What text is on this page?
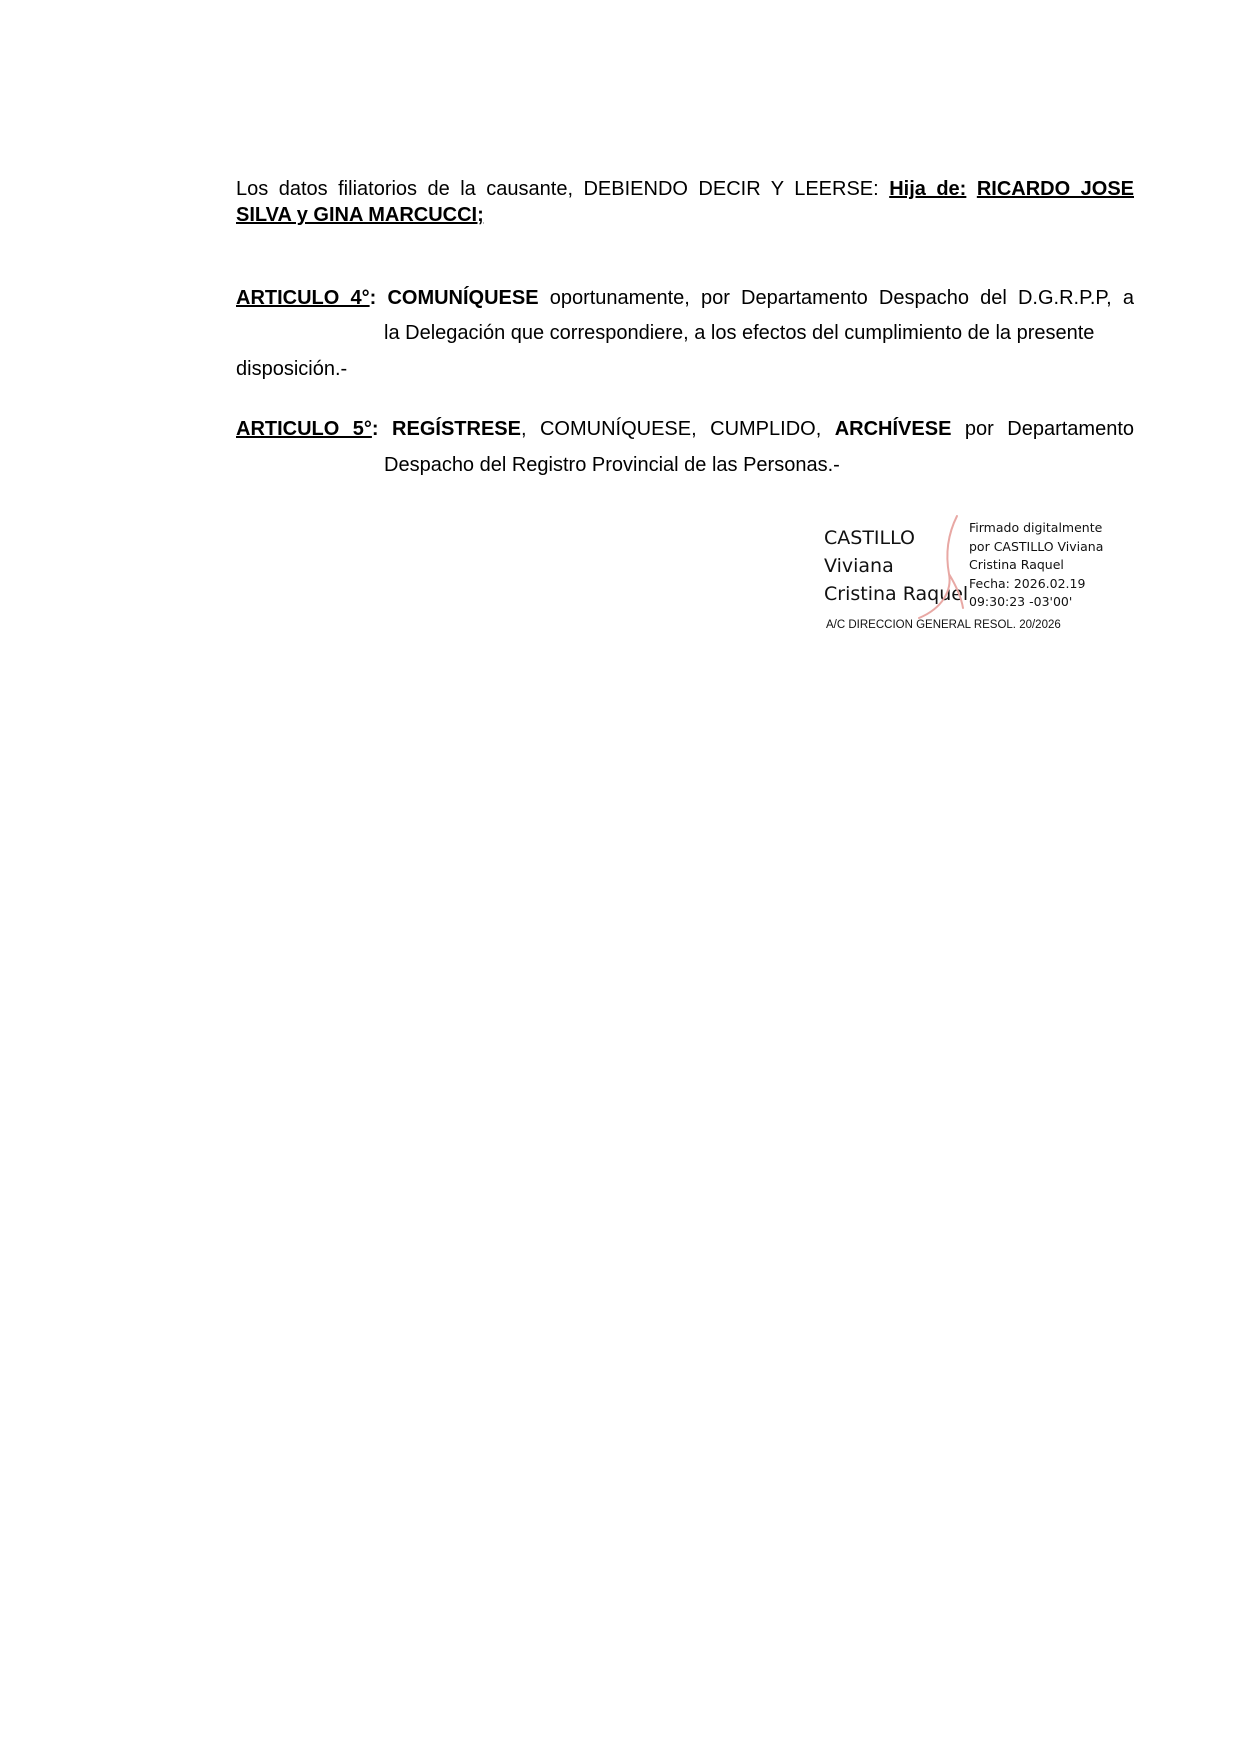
Los datos filiatorios de la causante, DEBIENDO DECIR Y LEERSE: Hija de: RICARDO JOSE
SILVA y GINA MARCUCCI;
ARTICULO 4°: COMUNÍQUESE oportunamente, por Departamento Despacho del D.G.R.P.P, a
la Delegación que correspondiere, a los efectos del cumplimiento de la presente
disposición.-
ARTICULO 5°: REGÍSTRESE, COMUNÍQUESE, CUMPLIDO, ARCHÍVESE por Departamento
Despacho del Registro Provincial de las Personas.-
CASTILLO
Viviana
Cristina Raquel
Firmado digitalmente
por CASTILLO Viviana
Cristina Raquel
Fecha: 2026.02.19
09:30:23 -03'00'
A/C DIRECCION GENERAL RESOL. 20/2026
